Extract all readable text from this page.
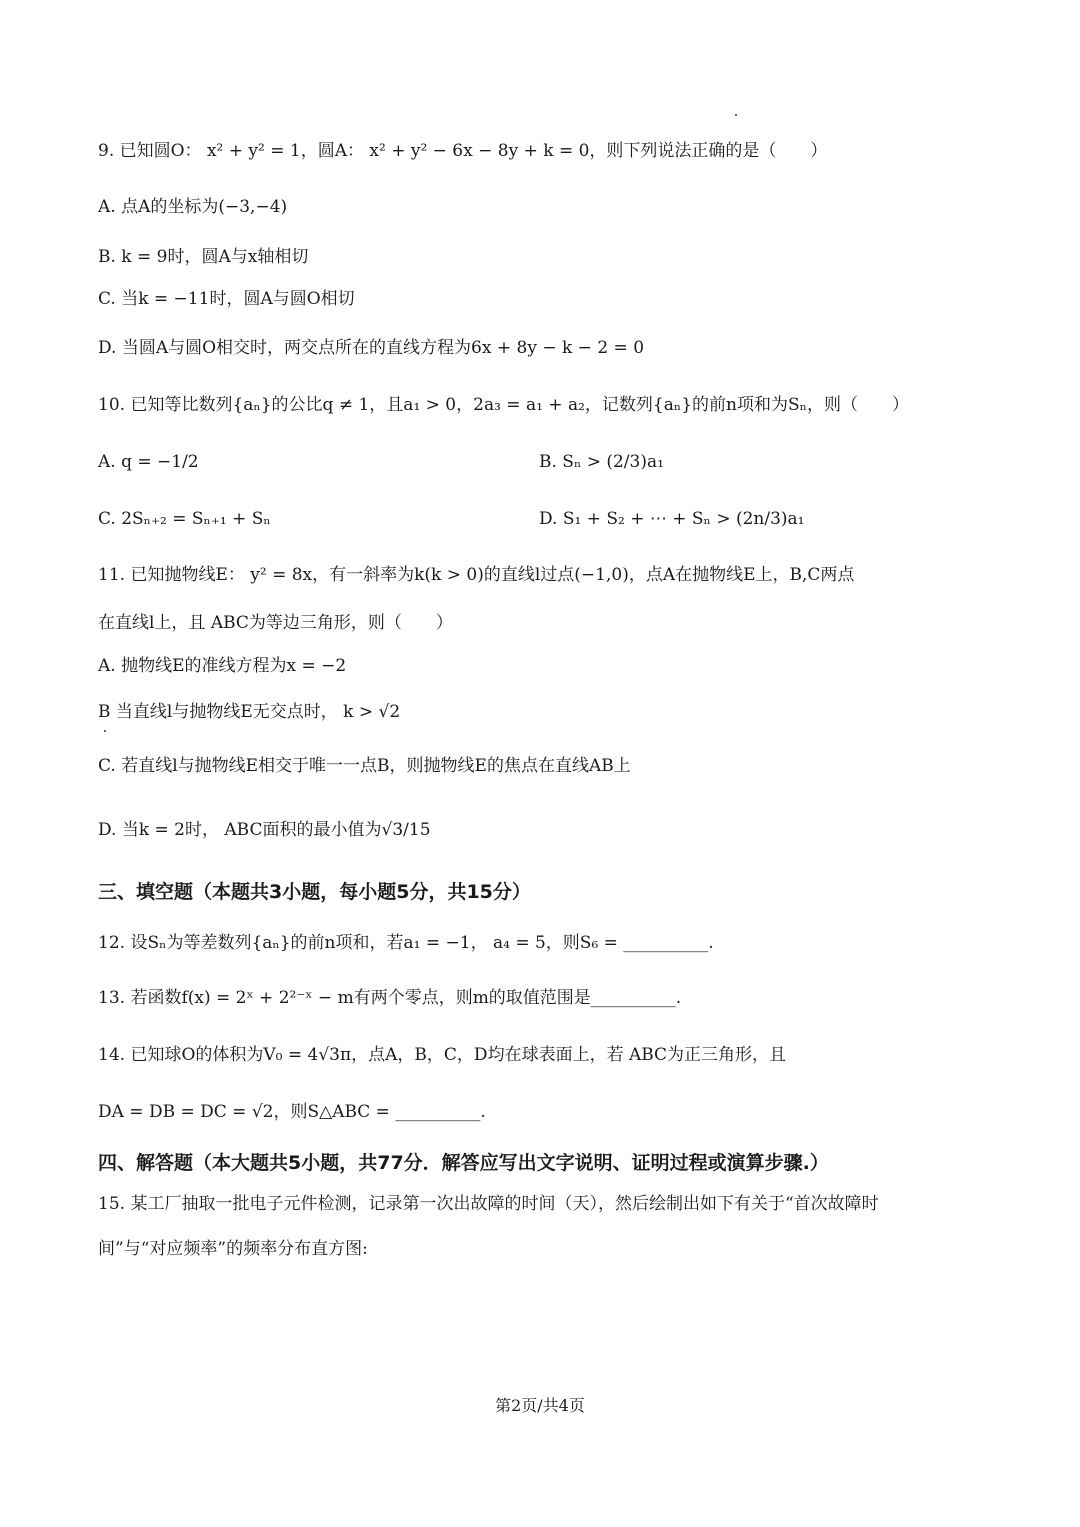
9. 已知圆O： x² + y² = 1，圆A： x² + y² − 6x − 8y + k = 0，则下列说法正确的是（　　）
A. 点A的坐标为(−3,−4)
B. k = 9时，圆A与x轴相切
C. 当k = −11时，圆A与圆O相切
D. 当圆A与圆O相交时，两交点所在的直线方程为6x + 8y − k − 2 = 0
10. 已知等比数列{aₙ}的公比q ≠ 1，且a₁ > 0，2a₃ = a₁ + a₂，记数列{aₙ}的前n项和为Sₙ，则（　　）
A. q = −1/2	B. Sₙ > (2/3)a₁
C. 2Sₙ₊₂ = Sₙ₊₁ + Sₙ	D. S₁ + S₂ + ⋯ + Sₙ > (2n/3)a₁
11. 已知抛物线E： y² = 8x，有一斜率为k(k > 0)的直线l过点(−1,0)，点A在抛物线E上，B,C两点
在直线l上，且 ABC为等边三角形，则（　　）
A. 抛物线E的准线方程为x = −2
B 当直线l与抛物线E无交点时， k > √2
C. 若直线l与抛物线E相交于唯一一点B，则抛物线E的焦点在直线AB上
D. 当k = 2时， ABC面积的最小值为√3/15
三、填空题（本题共3小题，每小题5分，共15分）
12. 设Sₙ为等差数列{aₙ}的前n项和，若a₁ = −1， a₄ = 5，则S₆ = __________.
13. 若函数f(x) = 2ˣ + 2²⁻ˣ − m有两个零点，则m的取值范围是__________.
14. 已知球O的体积为V₀ = 4√3π，点A，B，C，D均在球表面上，若 ABC为正三角形，且
DA = DB = DC = √2，则S△ABC = __________.
四、解答题（本大题共5小题，共77分．解答应写出文字说明、证明过程或演算步骤.）
15. 某工厂抽取一批电子元件检测，记录第一次出故障的时间（天），然后绘制出如下有关于“首次故障时
间”与“对应频率”的频率分布直方图:
第2页/共4页
